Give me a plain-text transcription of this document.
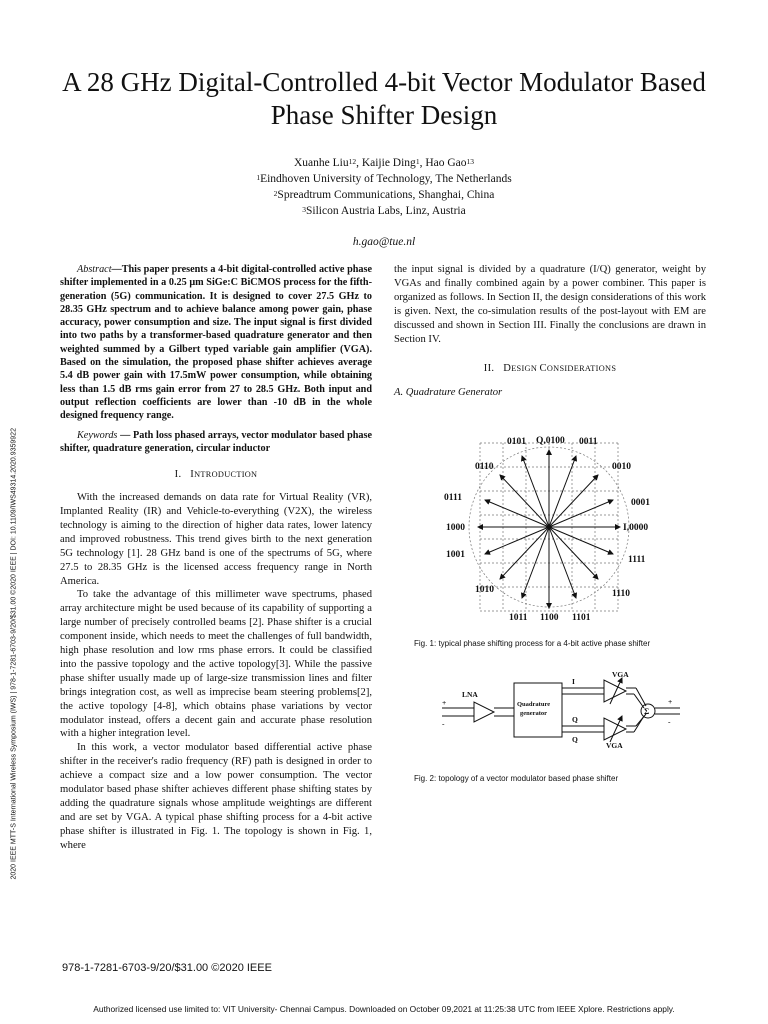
2020 IEEE MTT-S International Wireless Symposium (IWS) | 978-1-7281-6703-9/20/$31.00 ©2020 IEEE | DOI: 10.1109/IWS49314.2020.9359922
A 28 GHz Digital-Controlled 4-bit Vector Modulator Based Phase Shifter Design
Xuanhe Liu$^{12}$, Kaijie Ding$^1$, Hao Gao$^{13}$
$^1$Eindhoven University of Technology, The Netherlands
$^2$Spreadtrum Communications, Shanghai, China
$^3$Silicon Austria Labs, Linz, Austria
h.gao@tue.nl

Abstract—This paper presents a 4-bit digital-controlled active phase shifter implemented in a 0.25 μm SiGe:C BiCMOS process for the fifth-generation (5G) communication. It is designed to cover 27.5 GHz to 28.35 GHz spectrum and to achieve balance among power gain, phase accuracy, power consumption and size. The input signal is first divided into two paths by a transformer-based quadrature generator and then weighted summed by a Gilbert typed variable gain amplifier (VGA). Based on the simulation, the proposed phase shifter achieves average 5.4 dB power gain with 17.5mW power consumption, while obtaining less than 1.5 dB rms gain error from 27 to 28.5 GHz. Both input and output reflection coefficients are lower than -10 dB in the whole designed frequency range.

Keywords — Path loss phased arrays, vector modulator based phase shifter, quadrature generation, circular inductor

I. INTRODUCTION

With the increased demands on data rate for Virtual Reality (VR), Implanted Reality (IR) and Vehicle-to-everything (V2X), the wireless technology is aiming to the direction of higher data rates, lower latency and improved robustness. This trend gives birth to the next generation 5G technology [1]. 28 GHz band is one of the spectrums of 5G, where 27.5 to 28.35 GHz is the licensed access frequency range in North America.

To take the advantage of this millimeter wave spectrums, phased array architecture might be used because of its capability of supporting a large number of precisely controlled beams [2]. Phase shifter is a crucial component inside, which needs to meet the challenges of full bandwidth, high phase resolution and low rms phase errors. It could be classified into the passive topology and the active topology[3]. While the passive phase shifter usually made up of large-size transmission lines and filter brings integration cost, as well as imprecise beam steering problems[2], the active topology [4-8], which obtains phase variations by vector modulator instead, offers a decent gain and accurate phase resolution with a higher integration level.

In this work, a vector modulator based differential active phase shifter in the receiver's radio frequency (RF) path is designed in order to achieve a compact size and a low power consumption. The vector modulator based phase shifter achieves different phase shifting states by adding the quadrature signals whose amplitude weightings are different and are set by VGA. A typical phase shifting process for a 4-bit active phase shifter is illustrated in Fig. 1. The topology is shown in Fig. 1, where

the input signal is divided by a quadrature (I/Q) generator, weight by VGAs and finally combined again by a power combiner. This paper is organized as follows. In Section II, the design considerations of this work is given. Next, the co-simulation results of the post-layout with EM are discussed and shown in Section III. Finally the conclusions are drawn in Section IV.

II. DESIGN CONSIDERATIONS
A. Quadrature Generator
0101 Q,0100 0011
0110	0010
0111	0001
1000	I,0000
1001	1111
1010	1110
1011 1100 1101
Fig. 1: typical phase shifting process for a 4-bit active phase shifter
LNA
Quadrature
generator
I
Q
Q
VGA
VGA
Σ
+
-
+
-
Fig. 2: topology of a vector modulator based phase shifter
978-1-7281-6703-9/20/$31.00 ©2020 IEEE
Authorized licensed use limited to: VIT University- Chennai Campus. Downloaded on October 09,2021 at 11:25:38 UTC from IEEE Xplore. Restrictions apply.
